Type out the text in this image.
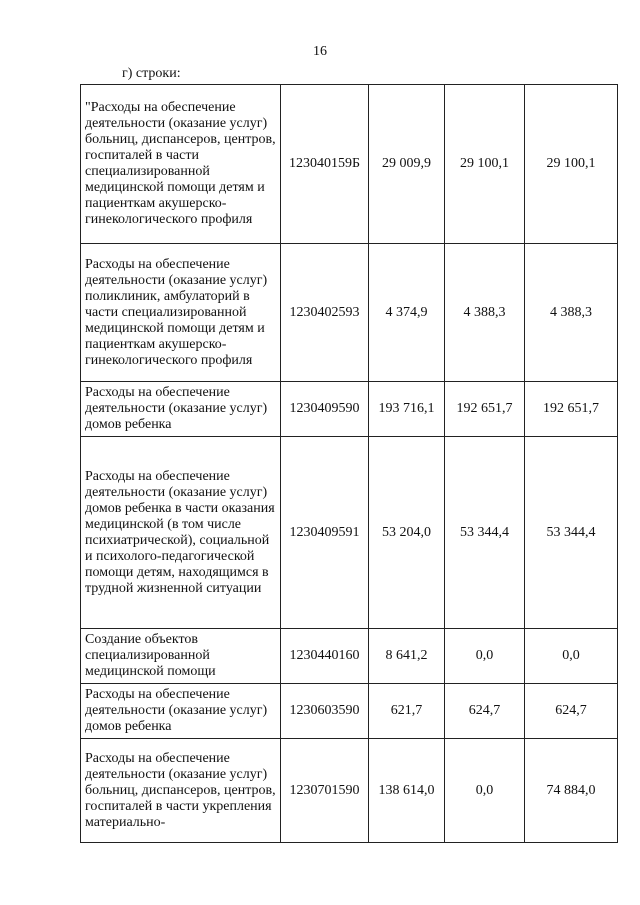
16
г) строки:
"Расходы на обеспечение деятельности (оказание услуг) больниц, диспансеров, центров, госпиталей в части специализированной медицинской помощи детям и пациенткам акушерско-гинекологического профиля	123040159Б	29 009,9	29 100,1	29 100,1
Расходы на обеспечение деятельности (оказание услуг) поликлиник, амбулаторий в части специализированной медицинской помощи детям и пациенткам акушерско-гинекологического профиля	1230402593	4 374,9	4 388,3	4 388,3
Расходы на обеспечение деятельности (оказание услуг) домов ребенка	1230409590	193 716,1	192 651,7	192 651,7
Расходы на обеспечение деятельности (оказание услуг) домов ребенка в части оказания медицинской (в том числе психиатрической), социальной и психолого-педагогической помощи детям, находящимся в трудной жизненной ситуации	1230409591	53 204,0	53 344,4	53 344,4
Создание объектов специализированной медицинской помощи	1230440160	8 641,2	0,0	0,0
Расходы на обеспечение деятельности (оказание услуг) домов ребенка	1230603590	621,7	624,7	624,7
Расходы на обеспечение деятельности (оказание услуг) больниц, диспансеров, центров, госпиталей в части укрепления материально-	1230701590	138 614,0	0,0	74 884,0
